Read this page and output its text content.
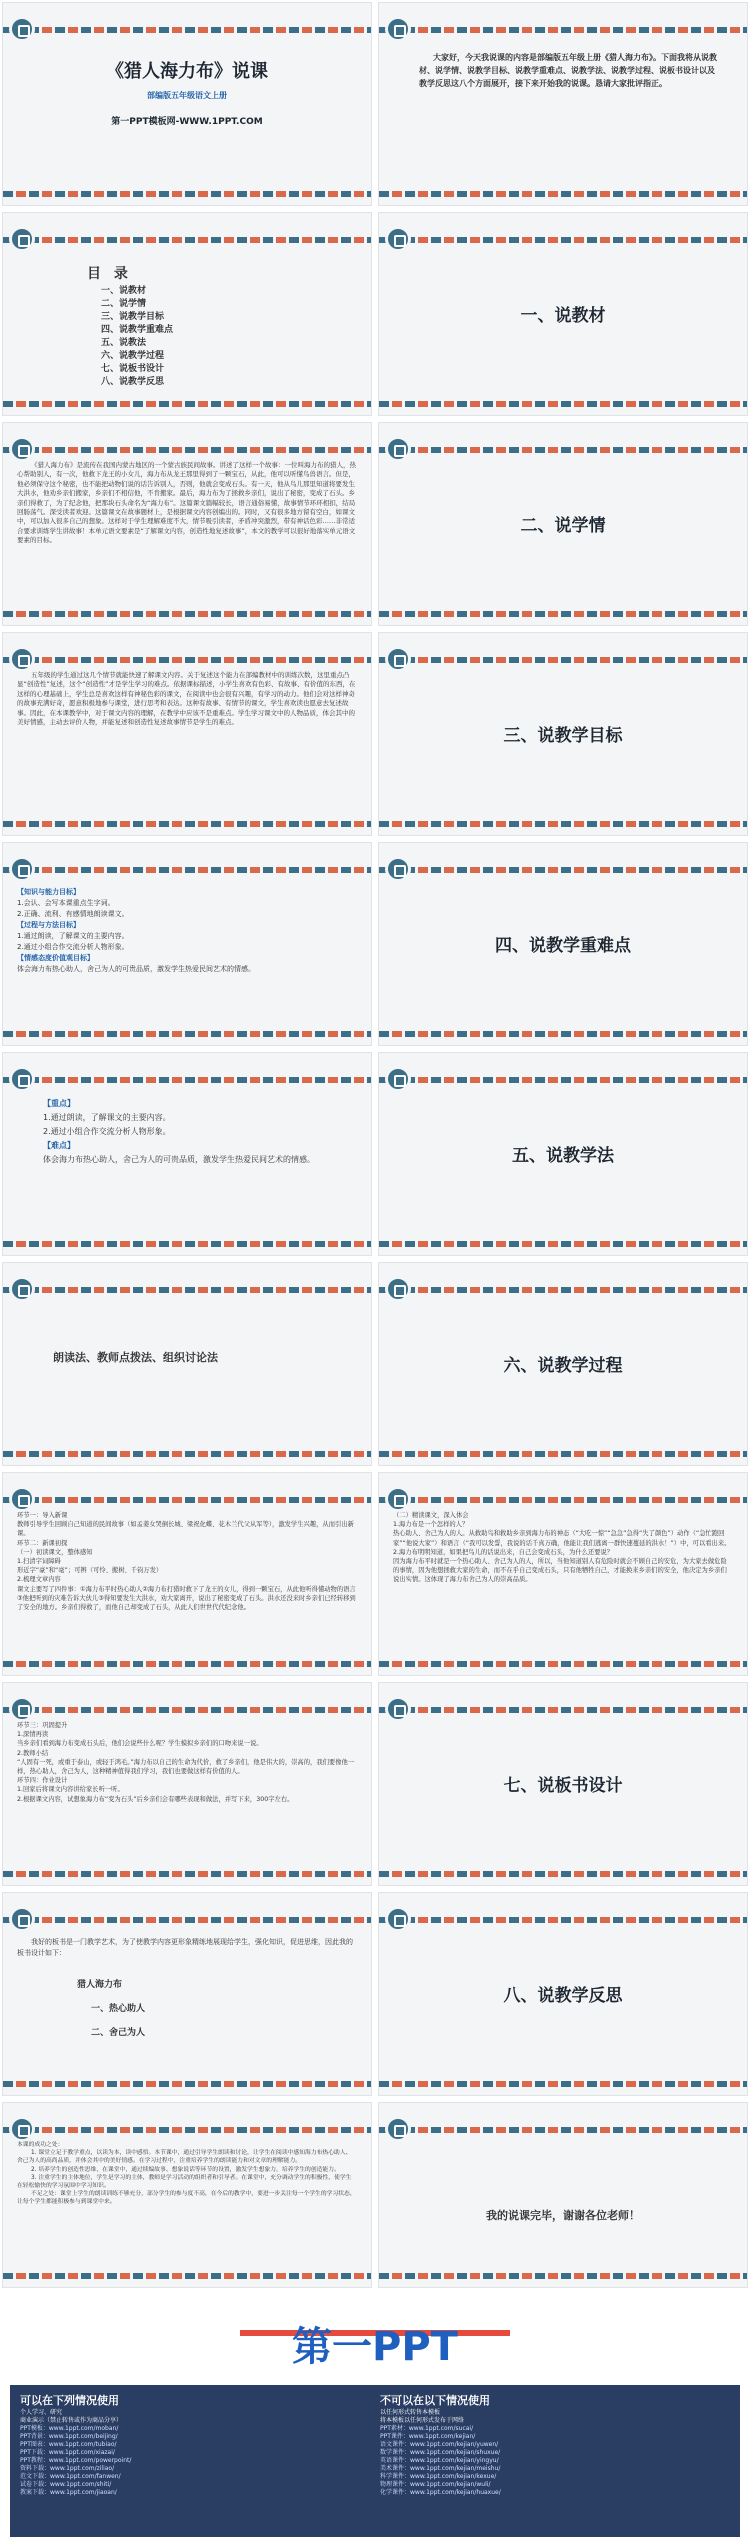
《猎人海力布》说课
部编版五年级语文上册
第一PPT模板网-WWW.1PPT.COM

大家好，今天我说课的内容是部编版五年级上册《猎人海力布》。下面我将从说教材、说学情、说教学目标、说教学重难点、说教学法、说教学过程、说板书设计以及教学反思这八个方面展开，接下来开始我的说课。恳请大家批评指正。

目 录
一、说教材
二、说学情
三、说教学目标
四、说教学重难点
五、说教法
六、说教学过程
七、说板书设计
八、说教学反思
一、说教材

《猎人海力布》是流传在我国内蒙古地区的一个蒙古族民间故事。讲述了这样一个故事：一位叫海力布的猎人，热心帮助别人，有一次，他救下龙王的小女儿，海力布从龙王那里得到了一颗宝石，从此，他可以听懂鸟兽语言。但是，他必须保守这个秘密，也不能把动物们说的话告诉别人，否则，他就会变成石头。有一天，他从鸟儿那里知道将要发生大洪水，他劝乡亲们搬家，乡亲们不相信他，不肯搬家。最后，海力布为了拯救乡亲们，说出了秘密，变成了石头。乡亲们得救了，为了纪念他，把那块石头命名为“海力布”。这篇课文篇幅较长，语言通俗易懂，故事情节环环相扣，结局回肠荡气。深受读者欢迎。这篇课文在故事题材上，是根据课文内容创编出的。同时，又有很多地方留有空白，如课文中，可以加入很多自己的想象。这样对于学生理解难度不大，情节吸引读者，矛盾冲突激烈，带有神话色彩……非常适合要求训练学生讲故事！本单元语文要素是“了解课文内容，创造性地复述故事”，本文的教学可以很好地落实单元语文要素的目标。

二、说学情

五年级的学生通过这几个情节就能快速了解课文内容。关于复述这个能力在部编教材中的训练次数，这里重点凸显“创造性”复述，这个“创造性”才是学生学习的难点。依据课标描述，小学生喜欢有色彩、有故事、有价值的东西，在这样的心理基础上，学生总是喜欢这样有神秘色彩的课文，在阅读中也会很有兴趣，有学习的动力。他们会对这样神奇的故事充满好奇，愿意积极地参与课堂，进行思考和表达。这种有故事、有情节的课文，学生喜欢读也愿意去复述故事。因此，在本课教学中，对于课文内容的理解，在教学中应该不是重难点。学生学习课文中的人物品质，体会其中的美好情感，主动去评价人物，并能复述和创造性复述故事情节是学生的难点。

三、说教学目标
【知识与能力目标】
1.会认、会写本课重点生字词。
2.正确、流利、有感情地朗读课文。
【过程与方法目标】
1.通过朗读，了解课文的主要内容。
2.通过小组合作交流分析人物形象。
【情感态度价值观目标】
体会海力布热心助人，舍己为人的可贵品质，激发学生热爱民间艺术的情感。
四、说教学重难点
【重点】
1.通过朗读，了解课文的主要内容。
2.通过小组合作交流分析人物形象。
【难点】
体会海力布热心助人，舍己为人的可贵品质，激发学生热爱民间艺术的情感。	五、说教学法
朗读法、教师点拨法、组织讨论法	六、说教学过程
环节一：导入新课
教师引导学生回顾自己知道的民间故事（如孟姜女哭倒长城、梁祝化蝶、花木兰代父从军等），激发学生兴趣，从而引出新课。
环节二：新课初探
（一）初读课文，整体感知
1.扫清字词障碍
形近字“豪”和“毫”；可辨（可怜、搬树、千钧万发）
2.梳理文章内容
课文主要写了四件事：①海力布平时热心助人②海力布打猎时救下了龙王的女儿，得到一颗宝石，从此他听得懂动物的语言③他把听到的灾难告诉大伙儿③得知要发生大洪水，劝大家离开，说出了秘密变成了石头。洪水还没来时乡亲们已经转移到了安全的地方。乡亲们得救了，而他自己却变成了石头，从此人们世世代代纪念他。
（二）精读课文，深入体会
1.海力布是一个怎样的人？
热心助人、舍己为人的人。从救助鸟和救助乡亲到海力布的神态（“大吃一惊”“急急”急得“失了颜色”）动作（“急忙跑回家”“他说大家”）和语言（“我可以发誓，我说的话千真万确，他能让我们逃离一群快速蔓延的洪水！”）中，可以看出来。
2.海力布明明知道，如果把鸟儿的话说出来，自己会变成石头，为什么还要说？
因为海力布平时就是一个热心助人、舍己为人的人，所以，当他知道别人有危险时就会不顾自己的安危，为大家去做危险的事情，因为他想拯救大家的生命，而不在乎自己变成石头，只有他牺牲自己，才能换来乡亲们的安全，他决定为乡亲们说出实情。这体现了海力布舍己为人的崇高品质。
环节三：巩固提升
1.深情再读
当乡亲们看到海力布变成石头后，他们会说些什么呢？学生模拟乡亲们的口吻来说一说。
2.教师小结
“人固有一死，或重于泰山，或轻于鸿毛。”海力布以自己的生命为代价，救了乡亲们，他是伟大的，崇高的，我们要像他一样，热心助人，舍己为人，这种精神值得我们学习，我们也要做这样有价值的人。
环节四：作业设计
1.回家后将课文内容讲给家长听一听。
2.根据课文内容，试想象海力布“变为石头”后乡亲们会有哪些表现和做法，并写下来，300字左右。
七、说板书设计

我好的板书是一门教学艺术，为了使教学内容更形象精练地展现给学生，强化知识，促进思维，因此我的板书设计如下：

猎人海力布
一、热心助人
二、舍己为人
八、说教学反思
本课的成功之处：

1. 课堂立足于教学重点，以读为本，读中感悟。本节课中，通过引导学生朗读和讨论，让学生在阅读中感知海力布热心助人、舍己为人的高尚品质，并体会其中的美好情感。在学习过程中，注重培养学生的朗读能力和对文章的理解能力。

2. 培养学生的创造性思维，在课堂中，通过续编故事、想象说话等环节的设置，激发学生想象力，培养学生的创造能力。

3. 注重学生的主体地位，学生是学习的主体，教师是学习活动的组织者和引导者。在课堂中，充分调动学生的积极性，使学生在轻松愉快的学习氛围中学习知识。

不足之处：课堂上学生的朗读训练不够充分，部分学生的参与度不高，在今后的教学中，要进一步关注每一个学生的学习状态，让每个学生都能积极参与到课堂中来。

我的说课完毕，谢谢各位老师！
第一PPT
可以在下列情况使用
个人学习、研究
商业演示（禁止转售或作为商品分享）
PPT模板：www.1ppt.com/moban/
PPT背景：www.1ppt.com/beijing/
PPT图表：www.1ppt.com/tubiao/
PPT下载：www.1ppt.com/xiazai/
PPT教程：www.1ppt.com/powerpoint/
资料下载：www.1ppt.com/ziliao/
范文下载：www.1ppt.com/fanwen/
试卷下载：www.1ppt.com/shiti/
教案下载：www.1ppt.com/jiaoan/
不可以在以下情况使用
以任何形式转售本模板
将本模板以任何形式发布于网络
PPT素材：www.1ppt.com/sucai/
PPT课件：www.1ppt.com/kejian/
语文课件：www.1ppt.com/kejian/yuwen/
数学课件：www.1ppt.com/kejian/shuxue/
英语课件：www.1ppt.com/kejian/yingyu/
美术课件：www.1ppt.com/kejian/meishu/
科学课件：www.1ppt.com/kejian/kexue/
物理课件：www.1ppt.com/kejian/wuli/
化学课件：www.1ppt.com/kejian/huaxue/
